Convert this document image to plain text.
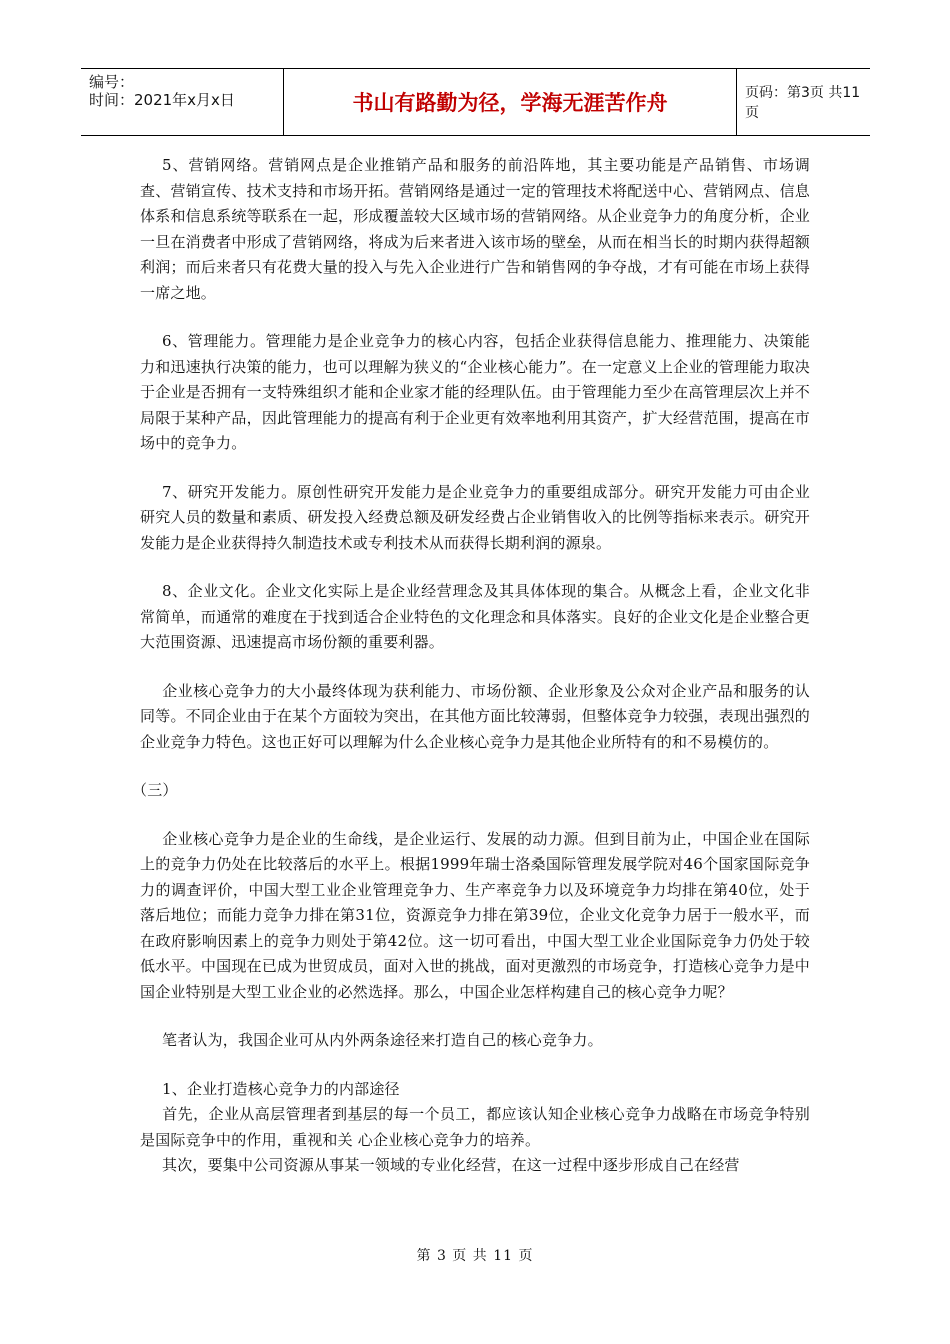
编号：
时间：2021年x月x日	书山有路勤为径，学海无涯苦作舟	页码：第3页 共11页

5、营销网络。营销网点是企业推销产品和服务的前沿阵地，其主要功能是产品销售、市场调查、营销宣传、技术支持和市场开拓。营销网络是通过一定的管理技术将配送中心、营销网点、信息体系和信息系统等联系在一起，形成覆盖较大区域市场的营销网络。从企业竞争力的角度分析，企业一旦在消费者中形成了营销网络，将成为后来者进入该市场的壁垒，从而在相当长的时期内获得超额利润；而后来者只有花费大量的投入与先入企业进行广告和销售网的争夺战，才有可能在市场上获得一席之地。

6、管理能力。管理能力是企业竞争力的核心内容，包括企业获得信息能力、推理能力、决策能力和迅速执行决策的能力，也可以理解为狭义的“企业核心能力”。在一定意义上企业的管理能力取决于企业是否拥有一支特殊组织才能和企业家才能的经理队伍。由于管理能力至少在高管理层次上并不局限于某种产品，因此管理能力的提高有利于企业更有效率地利用其资产，扩大经营范围，提高在市场中的竞争力。

7、研究开发能力。原创性研究开发能力是企业竞争力的重要组成部分。研究开发能力可由企业研究人员的数量和素质、研发投入经费总额及研发经费占企业销售收入的比例等指标来表示。研究开发能力是企业获得持久制造技术或专利技术从而获得长期利润的源泉。

8、企业文化。企业文化实际上是企业经营理念及其具体体现的集合。从概念上看，企业文化非常简单，而通常的难度在于找到适合企业特色的文化理念和具体落实。良好的企业文化是企业整合更大范围资源、迅速提高市场份额的重要利器。

企业核心竞争力的大小最终体现为获利能力、市场份额、企业形象及公众对企业产品和服务的认同等。不同企业由于在某个方面较为突出，在其他方面比较薄弱，但整体竞争力较强，表现出强烈的企业竞争力特色。这也正好可以理解为什么企业核心竞争力是其他企业所特有的和不易模仿的。

（三）

企业核心竞争力是企业的生命线，是企业运行、发展的动力源。但到目前为止，中国企业在国际上的竞争力仍处在比较落后的水平上。根据1999年瑞士洛桑国际管理发展学院对46个国家国际竞争力的调查评价，中国大型工业企业管理竞争力、生产率竞争力以及环境竞争力均排在第40位，处于落后地位；而能力竞争力排在第31位，资源竞争力排在第39位，企业文化竞争力居于一般水平，而在政府影响因素上的竞争力则处于第42位。这一切可看出，中国大型工业企业国际竞争力仍处于较低水平。中国现在已成为世贸成员，面对入世的挑战，面对更激烈的市场竞争，打造核心竞争力是中国企业特别是大型工业企业的必然选择。那么，中国企业怎样构建自己的核心竞争力呢？

笔者认为，我国企业可从内外两条途径来打造自己的核心竞争力。

1、企业打造核心竞争力的内部途径

首先，企业从高层管理者到基层的每一个员工，都应该认知企业核心竞争力战略在市场竞争特别是国际竞争中的作用，重视和关 心企业核心竞争力的培养。

其次，要集中公司资源从事某一领域的专业化经营，在这一过程中逐步形成自己在经营

第 3 页 共 11 页
